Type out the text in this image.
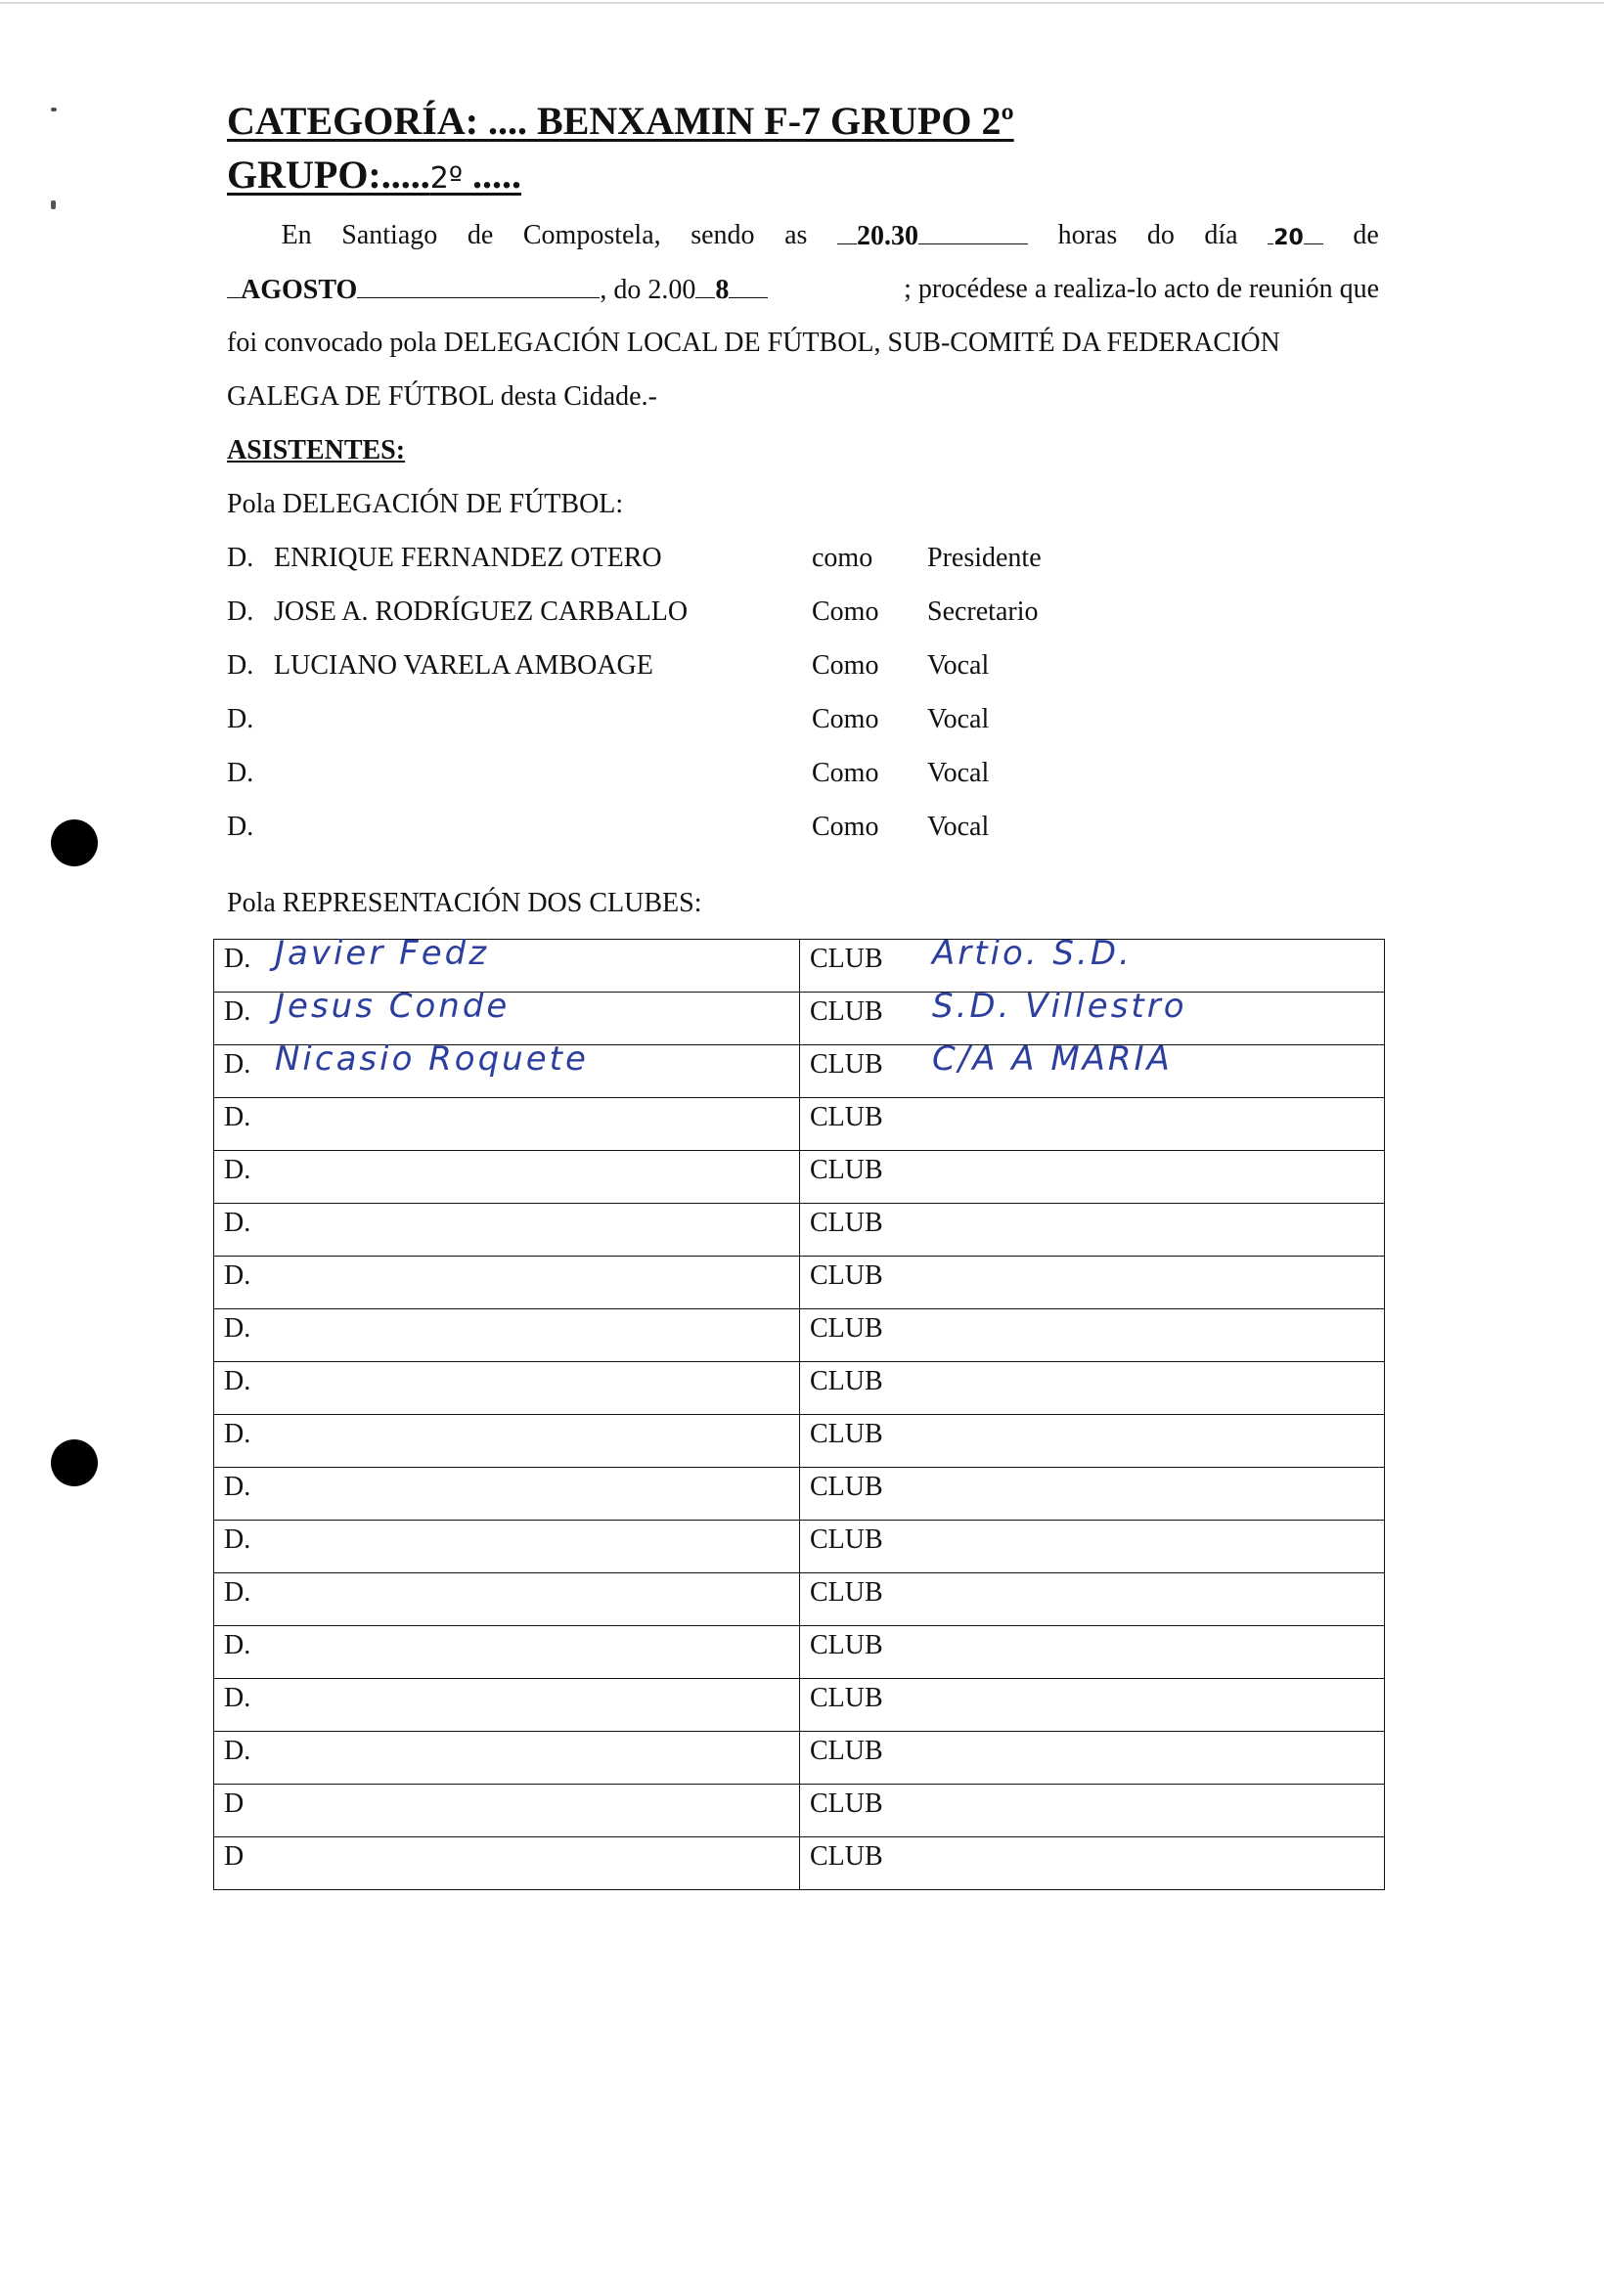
CATEGORÍA: .... BENXAMIN F-7 GRUPO 2º
GRUPO:.....2º .....
En Santiago de Compostela, sendo as	20.30	horas do día 20	de
AGOSTO	, do 2.00 8	; procédese a realiza-lo acto de reunión que
foi convocado pola DELEGACIÓN LOCAL DE FÚTBOL, SUB-COMITÉ DA FEDERACIÓN
GALEGA DE FÚTBOL desta Cidade.-
ASISTENTES:
Pola DELEGACIÓN DE FÚTBOL:
D. ENRIQUE FERNANDEZ OTERO	como Presidente
D. JOSE A. RODRÍGUEZ CARBALLO	Como Secretario
D. LUCIANO VARELA AMBOAGE	Como Vocal
D.	Como Vocal
D.	Como Vocal
D.	Como Vocal
Pola REPRESENTACIÓN DOS CLUBES:
D. Javier Fedz	CLUB Artio. S.D.

D. Jesus Conde	CLUB S.D. Villestro

D. Nicasio Roquete	CLUB C/A A MARIA

D.	CLUB

D.	CLUB

D.	CLUB

D.	CLUB

D.	CLUB

D.	CLUB

D.	CLUB

D.	CLUB

D.	CLUB

D.	CLUB

D.	CLUB

D.	CLUB

D.	CLUB

D	CLUB

D	CLUB
